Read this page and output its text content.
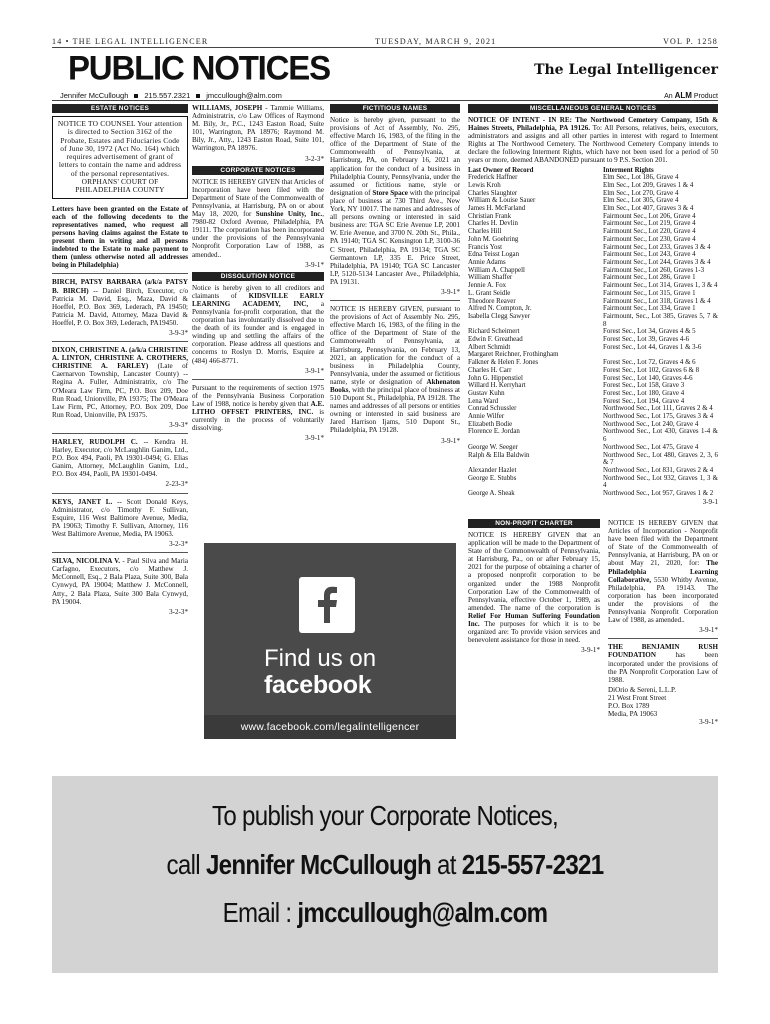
14 • THE LEGAL INTELLIGENCER	TUESDAY, MARCH 9, 2021	VOL P. 1258
PUBLIC NOTICES	The Legal Intelligencer
Jennifer McCullough 215.557.2321 jmccullough@alm.com	An ALM Product
ESTATE NOTICES
NOTICE TO COUNSEL Your attention is directed to Section 3162 of the Probate, Estates and Fiduciaries Code of June 30, 1972 (Act No. 164) which requires advertisement of grant of letters to contain the name and address of the personal representatives.
ORPHANS' COURT OF PHILADELPHIA COUNTY
Letters have been granted on the Estate of each of the following decedents to the representatives named, who request all persons having claims against the Estate to present them in writing and all persons indebted to the Estate to make payment to them (unless otherwise noted all addresses being in Philadelphia)
BIRCH, PATSY BARBARA (a/k/a PATSY B. BIRCH) -- Daniel Birch, Executor, c/o Patricia M. David, Esq., Maza, David & Hoeffel, P.O. Box 369, Lederach, PA 19450; Patricia M. David, Attorney, Maza David & Hoeffel, P. O. Box 369, Lederach, PA19450.
3-9-3*
DIXON, CHRISTINE A. (a/k/a CHRISTINE A. LINTON, CHRISTINE A. CROTHERS, CHRISTINE A. FARLEY) (Late of Caernarvon Township, Lancaster County) -- Regina A. Fuller, Administratrix, c/o The O'Meara Law Firm, PC, P.O. Box 209, Doe Run Road, Unionville, PA 19375; The O'Meara Law Firm, PC, Attorney, P.O. Box 209, Doe Run Road, Unionville, PA 19375.
3-9-3*
HARLEY, RUDOLPH C. -- Kendra H. Harley, Executor, c/o McLaughlin Ganim, Ltd., P.O. Box 494, Paoli, PA 19301-0494; G. Elias Ganim, Attorney, McLaughlin Ganim, Ltd., P.O. Box 494, Paoli, PA 19301-0494.
2-23-3*
KEYS, JANET L. -- Scott Donald Keys, Administrator, c/o Timothy F. Sullivan, Esquire, 116 West Baltimore Avenue, Media, PA 19063; Timothy F. Sullivan, Attorney, 116 West Baltimore Avenue, Media, PA 19063.
3-2-3*
SILVA, NICOLINA V. - Paul Silva and Maria Carfagno, Executors, c/o Matthew J. McConnell, Esq., 2 Bala Plaza, Suite 300, Bala Cynwyd, PA 19004; Matthew J. McConnell, Atty., 2 Bala Plaza, Suite 300 Bala Cynwyd, PA 19004.
3-2-3*
WILLIAMS, JOSEPH - Tammie Williams, Administratrix, c/o Law Offices of Raymond M. Bily, Jr., P.C., 1243 Easton Road, Suite 101, Warrington, PA 18976; Raymond M. Bily, Jr., Atty., 1243 Easton Road, Suite 101, Warrington, PA 18976.
3-2-3*
CORPORATE NOTICES
NOTICE IS HEREBY GIVEN that Articles of Incorporation have been filed with the Department of State of the Commonwealth of Pennsylvania, at Harrisburg, PA on or about May 18, 2020, for Sunshine Unity, Inc., 7980-82 Oxford Avenue, Philadelphia, PA 19111. The corporation has been incorporated under the provisions of the Pennsylvania Nonprofit Corporation Law of 1988, as amended..
3-9-1*
DISSOLUTION NOTICE
Notice is hereby given to all creditors and claimants of KIDSVILLE EARLY LEARNING ACADEMY, INC, a Pennsylvania for-profit corporation, that the corporation has involuntarily dissolved due to the death of its founder and is engaged in winding up and settling the affairs of the corporation. Please address all questions and concerns to Roslyn D. Morris, Esquire at (484) 466-8771.
3-9-1*
Pursuant to the requirements of section 1975 of the Pennsylvania Business Corporation Law of 1988, notice is hereby given that A.E. LITHO OFFSET PRINTERS, INC. is currently in the process of voluntarily dissolving.
3-9-1*
FICTITIOUS NAMES
Notice is hereby given, pursuant to the provisions of Act of Assembly, No. 295, effective March 16, 1983, of the filing in the office of the Department of State of the Commonwealth of Pennsylvania, at Harrisburg, PA, on February 16, 2021 an application for the conduct of a business in Philadelphia County, Pennsylvania, under the assumed or fictitious name, style or designation of Store Space with the principal place of business at 730 Third Ave., New York, NY 10017. The names and addresses of all persons owning or interested in said business are: TGA SC Erie Avenue LP, 2001 W. Erie Avenue, and 3700 N. 20th St., Phila., PA 19140; TGA SC Kensington LP, 3100-36 C Street, Philadelphia, PA 19134; TGA SC Germantown LP, 335 E. Price Street, Philadelphia, PA 19140; TGA SC Lancaster LP, 5120-5134 Lancaster Ave., Philadelphia, PA 19131.
3-9-1*
NOTICE IS HEREBY GIVEN, pursuant to the provisions of Act of Assembly No. 295, effective March 16, 1983, of the filing in the office of the Department of State of the Commonwealth of Pennsylvania, at Harrisburg, Pennsylvania, on February 13, 2021, an application for the conduct of a business in Philadelphia County, Pennsylvania, under the assumed or fictitious name, style or designation of Akhenaton Books, with the principal place of business at 510 Dupont St., Philadelphia, PA 19128. The names and addresses of all persons or entities owning or interested in said business are Jared Harrison Ijams, 510 Dupont St., Philadelphia, PA 19128.
3-9-1*
NON-PROFIT CHARTER
NOTICE IS HEREBY GIVEN that an application will be made to the Department of State of the Commonwealth of Pennsylvania, at Harrisburg, Pa., on or after February 15, 2021 for the purpose of obtaining a charter of a proposed nonprofit corporation to be organized under the 1988 Nonprofit Corporation Law of the Commonwealth of Pennsylvania, effective October 1, 1989, as amended. The name of the corporation is Relief For Human Suffering Foundation Inc. The purposes for which it is to be organized are: To provide vision services and benevolent assistance for those in need.
3-9-1*
MISCELLANEOUS GENERAL NOTICES
NOTICE OF INTENT - IN RE: The Northwood Cemetery Company, 15th & Haines Streets, Philadelphia, PA 19126. To: All Persons, relatives, heirs, executors, administrators and assigns and all other parties in interest with regard to Interment Rights at The Northwood Cemetery. The Northwood Cemetery Company intends to declare the following Interment Rights, which have not been used for a period of 50 years or more, deemed ABANDONED pursuant to 9 P.S. Section 201.
Last Owner of Record	Interment Rights
Frederick Haffner	Elm Sec., Lot 186, Grave 4
Lewis Kroh	Elm Sec., Lot 209, Graves 1 & 4
Charles Slaughter	Elm Sec., Lot 270, Grave 4
William & Louise Sauer	Elm Sec., Lot 305, Grave 4
James H. McFarland	Elm Sec., Lot 407, Graves 3 & 4
Christian Frank	Fairmount Sec., Lot 206, Grave 4
Charles H. Devlin	Fairmount Sec., Lot 219, Grave 4
Charles Hill	Fairmount Sec., Lot 220, Grave 4
John M. Goehring	Fairmount Sec., Lot 230, Grave 4
Francis Yost	Fairmount Sec., Lot 233, Graves 3 & 4
Edna Teisst Logan	Fairmount Sec., Lot 243, Grave 4
Annie Adams	Fairmount Sec., Lot 244, Graves 3 & 4
William A. Chappell	Fairmount Sec., Lot 260, Graves 1-3
William Shaffer	Fairmount Sec., Lot 286, Grave 1
Jennie A. Fox	Fairmount Sec., Lot 314, Graves 1, 3 & 4
L. Grant Seidle	Fairmount Sec., Lot 315, Grave 1
Theodore Reaver	Fairmount Sec., Lot 318, Graves 1 & 4
Alfred N. Compton, Jr.	Fairmount Sec., Lot 334, Grave 1
Isabella Clegg Sawyer	Fairmount, Sec., Lot 385, Graves 5, 7 & 8
Richard Scheimert	Forest Sec., Lot 34, Graves 4 & 5
Edwin F. Greathead	Forest Sec., Lot 39, Graves 4-6
Albert Schmidt	Forest Sec., Lot 44, Graves 1 & 3-6
Margaret Reichner, Frothingham
Falkner & Helen F. Jones	Forest Sec., Lot 72, Graves 4 & 6
Charles H. Carr	Forest Sec., Lot 102, Graves 6 & 8
John G. Hippenstiel	Forest Sec., Lot 140, Graves 4-6
Willard H. Kerryhart	Forest Sec., Lot 158, Grave 3
Gustav Kuhn	Forest Sec., Lot 180, Grave 4
Lena Ward	Forest Sec., Lot 194, Grave 4
Conrad Schussler	Northwood Sec., Lot 111, Graves 2 & 4
Annie Wilfer	Northwood Sec., Lot 175, Graves 3 & 4
Elizabeth Bodie	Northwood Sec., Lot 240, Grave 4
Florence E. Jordan	Northwood Sec., Lot 430, Graves 1-4 & 6
George W. Seeger	Northwood Sec., Lot 475, Grave 4
Ralph & Ella Baldwin	Northwood Sec., Lot 480, Graves 2, 3, 6 & 7
Alexander Hazlet	Northwood Sec., Lot 831, Graves 2 & 4
George E. Stubbs	Northwood Sec., Lot 932, Graves 1, 3 & 4
George A. Sheak	Northwood Sec., Lot 957, Graves 1 & 2
3-9-1
NOTICE IS HEREBY GIVEN that Articles of Incorporation - Nonprofit have been filed with the Department of State of the Commonwealth of Pennsylvania, at Harrisburg, PA on or about May 21, 2020, for: The Philadelphia Learning Collaborative, 5530 Whitby Avenue, Philadelphia, PA 19143. The corporation has been incorporated under the provisions of the Pennsylvania Nonprofit Corporation Law of 1988, as amended..
3-9-1*
THE BENJAMIN RUSH FOUNDATION has been incorporated under the provisions of the PA Nonprofit Corporation Law of 1988.
DiOrio & Sereni, L.L.P.
21 West Front Street
P.O. Box 1789
Media, PA 19063
3-9-1*
Find us on
facebook
www.facebook.com/legalintelligencer
To publish your Corporate Notices,
call Jennifer McCullough at 215-557-2321
Email : jmccullough@alm.com
